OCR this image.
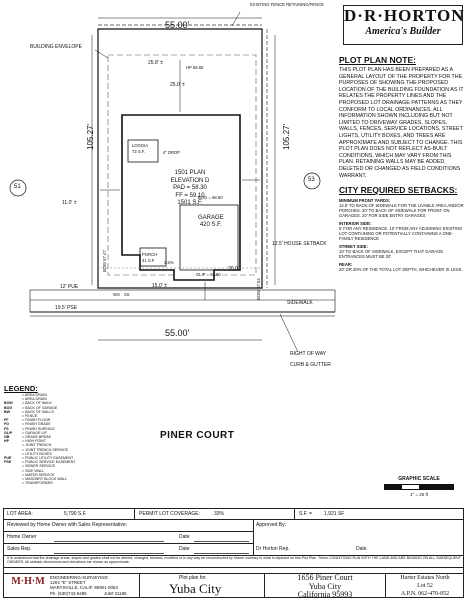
D·R·HORTON
America's Builder
55.00'
EXISTING FENCE RETAINING/FENCE
BUILDING ENVELOPE
25.8' ±
25.0' ±
HP 58.60
105.27'	105.27'
51
53
11.0' ±
20.0'
15.0' ±
LOGGIA
72 S.F.	4" DROP
1501 PLAN
ELEVATION D
PAD = 58.30
FF = 59.10
1501 S.F.
BOG = 58.60
GARAGE
420 S.F.
PORCH
41 S.F.
GLIP = 58.60
3.5%
12.5' HOUSE SETBACK
BOW 57.47
BOW 57.54
WS SS
12' PUE
19.5' PSE
SIDEWALK
55.00'
RIGHT OF WAY
CURB & GUTTER
PINER COURT
GRAPHIC SCALE
1" = 20 ft
PLOT PLAN NOTE:
THIS PLOT PLAN HAS BEEN PREPARED AS A GENERAL LAYOUT OF THE PROPERTY FOR THE PURPOSES OF SHOWING THE PROPOSED LOCATION OF THE BUILDING FOUNDATION AS IT RELATES THE PROPERTY LINES AND THE PROPOSED LOT DRAINAGE PATTERNS AS THEY CONFORM TO LOCAL ORDINANCES. ALL INFORMATION SHOWN INCLUDING BUT NOT LIMITED TO DRIVEWAY GRADES, SLOPES, WALLS, FENCES, SERVICE LOCATIONS, STREET LIGHTS, UTILITY BOXES, AND TREES ARE APPROXIMATE AND SUBJECT TO CHANGE. THIS PLOT PLAN DOES NOT REFLECT AS-BUILT CONDITIONS, WHICH MAY VARY FROM THIS PLAN. RETAINING WALLS MAY BE ADDED, DELETED OR CHANGED AS FIELD CONDITIONS WARRANT.
CITY REQUIRED SETBACKS:
MINIMUM FRONT YARDS:
12.5' TO BACK OF SIDEWALK FOR THE LIVABLE AREA AND/OR PORCHES. 20' TO BACK OF SIDEWALK FOR FRONT ON GARAGES. 20' FOR SIDE ENTRY GARAGES
INTERIOR SIDE:
5' FOR ANY RESIDENCE. 10' FROM ANY ADJOINING EXISTING LOT CONTAINING OR POTENTIALLY CONTAINING A ONE-FAMILY RESIDENCE
STREET SIDE:
10' TO BACK OF SIDEWALK, EXCEPT THAT GARAGE ENTRANCES MUST BE 20'
REAR:
20' OR 20% OF THE TOTAL LOT DEPTH, WHICHEVER IS LESS.
LEGEND:
= AREA DRAIN
= AREA DRAIN
BOW	= BACK OF WALK
BOG	= BACK OF GARAGE
BW	= BACK OF WALLS
= FENCE
FF	= FINISH FLOOR
FG	= FINISH GRADE
FS	= FINISH SURFACE
GLIP	= GARAGE LIP
GB	= GRADE BREAK
HP	= HIGH POINT
= JOINT TRENCH
= JOINT TRENCH SERVICE
= UTILITY BOXES
PUE	= PUBLIC UTILITY EASEMENT
PSE	= PUBLIC SERVICE EASEMENT
= SEWER SERVICE
= SIDE WALL
= WATER SERVICE
= MASONRY BLOCK WALL
= TRANSFORMER
LOT AREA:	5,790 S.F.	PERMIT LOT COVERAGE:	33%	S.F. = 1,921 SF
Reviewed by Home Owner with Sales Representative:	Approved By:
Home Owner	Date
Sales Rep.	Date	Dr Horton Rep.	Date
It is understood that the drainage areas, slopes and grades shall not be altered, changed, blocked, modified or in any way be reconstructed by Owner contrary to what is depicted on this Plot Plan. These CONDITIONS RUN WITH THE LAND AND ARE BINDING ON ALL SUBSEQUENT OWNERS. All setback dimensions and elevations are shown as approximate.
M·H·M	ENGINEERING-SURVEYING
1204 "E" STREET
MARYSVILLE, CALIF. 95901-0053
Ph. (530)742-6485	Job# 21185
Plot plan for
Yuba City
1656 Piner Court
Yuba City
California 95993
Harter Estates North
Lot 52
A.P.N. 062-470-052
